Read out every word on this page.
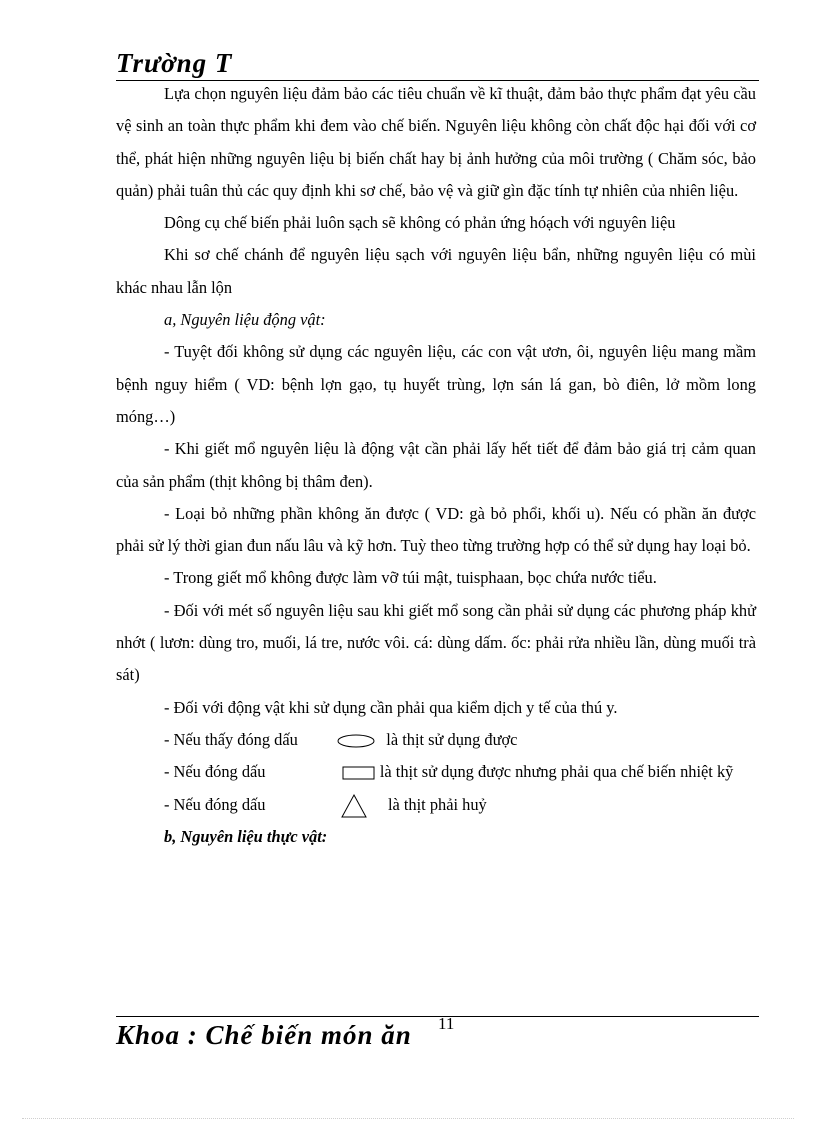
Trường T

Lựa chọn nguyên liệu đảm bảo các tiêu chuẩn về kĩ thuật, đảm bảo thực phẩm đạt yêu cầu vệ sinh an toàn thực phẩm khi đem vào chế biến. Nguyên liệu không còn chất độc hại đối với cơ thể, phát hiện những nguyên liệu bị biến chất hay bị ảnh hưởng của môi trường ( Chăm sóc, bảo quản) phải tuân thủ các quy định khi sơ chế, bảo vệ và giữ gìn đặc tính tự nhiên của nhiên liệu.

Dông cụ chế biến phải luôn sạch sẽ không có phản ứng hóạch với nguyên liệu

Khi sơ chế chánh để nguyên liệu sạch với nguyên liệu bẩn, những nguyên liệu có mùi khác nhau lẫn lộn

a, Nguyên liệu động vật:

- Tuyệt đối không sử dụng các nguyên liệu, các con vật ươn, ôi, nguyên liệu mang mầm bệnh nguy hiểm ( VD: bệnh lợn gạo, tụ huyết trùng, lợn sán lá gan, bò điên, lở mồm long móng…)

- Khi giết mổ nguyên liệu là động vật cần phải lấy hết tiết để đảm bảo giá trị cảm quan của sản phẩm (thịt không bị thâm đen).

- Loại bỏ những phần không ăn được ( VD: gà bỏ phổi, khối u). Nếu có phần ăn được phải sử lý thời gian đun nấu lâu và kỹ hơn. Tuỳ theo từng trường hợp có thể sử dụng hay loại bỏ.

- Trong giết mổ không được làm vỡ túi mật, tuisphaan, bọc chứa nước tiểu.

- Đối với mét số nguyên liệu sau khi giết mổ song cần phải sử dụng các phương pháp khử nhớt ( lươn: dùng tro, muối, lá tre, nước vôi. cá: dùng dấm. ốc: phải rửa nhiều lần, dùng muối trà sát)

- Đối với động vật khi sử dụng cần phải qua kiểm dịch y tế của thú y.

- Nếu thấy đóng dấu	là thịt sử dụng được

- Nếu đóng dấu	là thịt sử dụng được nhưng phải qua chế biến nhiệt kỹ

- Nếu đóng dấu	là thịt phải huỷ

b, Nguyên liệu thực vật:

Khoa : Chế biến món ăn 11
